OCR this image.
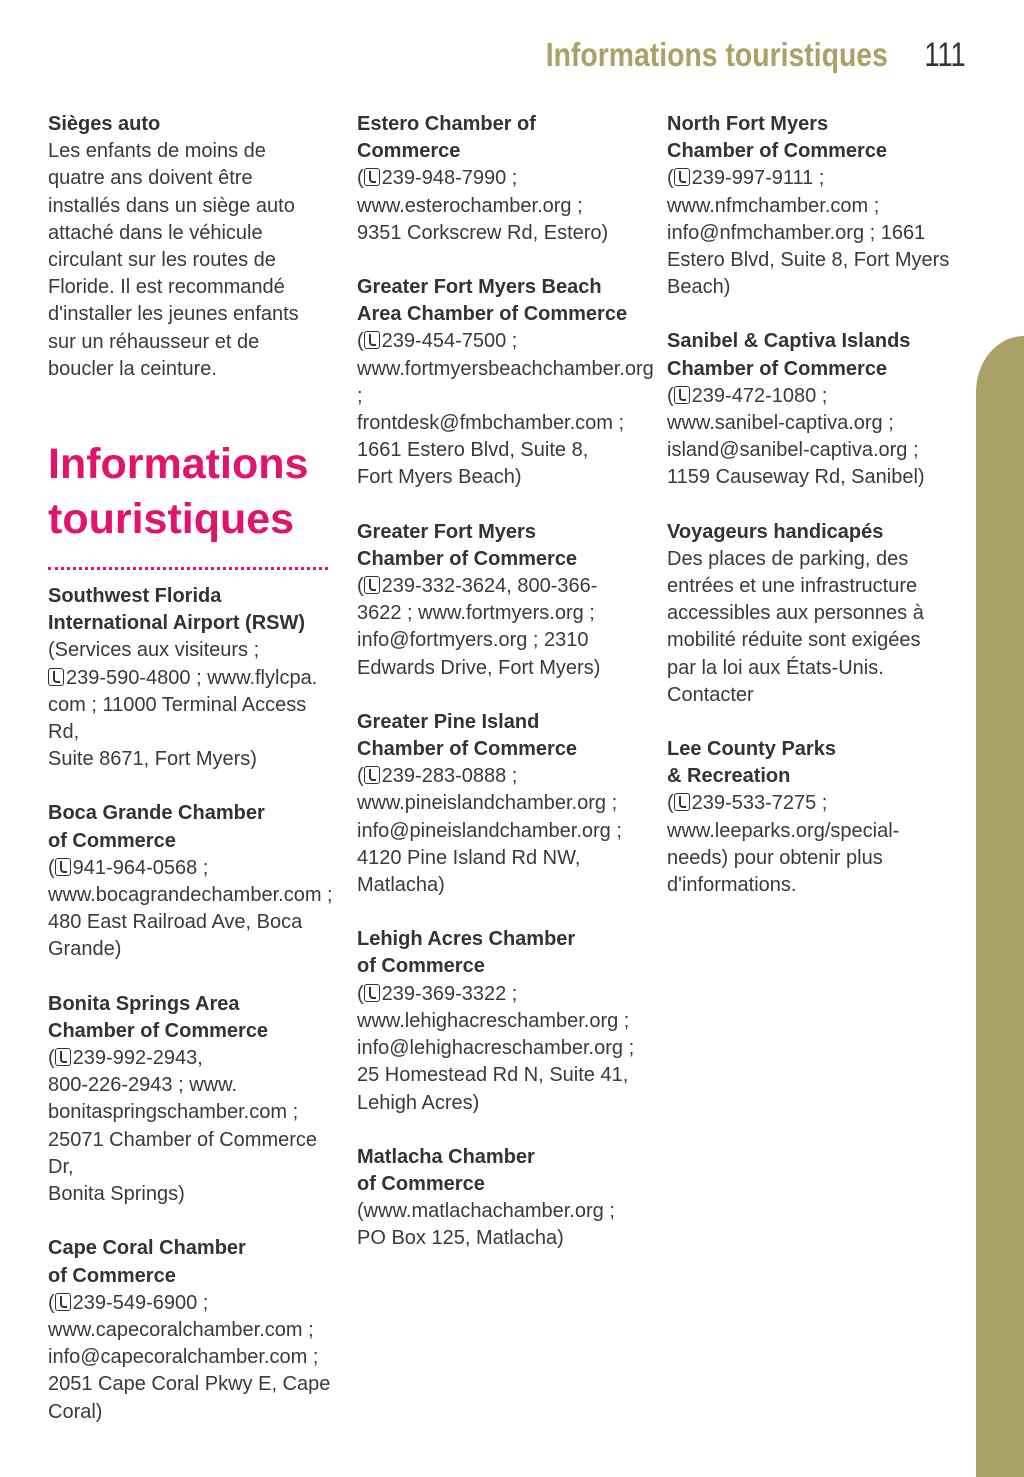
Informations touristiques 111
Sièges auto
Les enfants de moins de
quatre ans doivent être
installés dans un siège auto
attaché dans le véhicule
circulant sur les routes de
Floride. Il est recommandé
d'installer les jeunes enfants
sur un réhausseur et de
boucler la ceinture.
Informations
touristiques
Southwest Florida
International Airport (RSW)
(Services aux visiteurs ;
239-590-4800 ; www.flylcpa.
com ; 11000 Terminal Access Rd,
Suite 8671, Fort Myers)
Boca Grande Chamber
of Commerce
( 941-964-0568 ;
www.bocagrandechamber.com ;
480 East Railroad Ave, Boca
Grande)
Bonita Springs Area
Chamber of Commerce
( 239-992-2943,
800-226-2943 ; www.
bonitaspringschamber.com ;
25071 Chamber of Commerce Dr,
Bonita Springs)
Cape Coral Chamber
of Commerce
( 239-549-6900 ;
www.capecoralchamber.com ;
info@capecoralchamber.com ;
2051 Cape Coral Pkwy E, Cape
Coral)
Estero Chamber of
Commerce
( 239-948-7990 ;
www.esterochamber.org ;
9351 Corkscrew Rd, Estero)
Greater Fort Myers Beach
Area Chamber of Commerce
( 239-454-7500 ;
www.fortmyersbeachchamber.org ;
frontdesk@fmbchamber.com ;
1661 Estero Blvd, Suite 8,
Fort Myers Beach)
Greater Fort Myers
Chamber of Commerce
( 239-332-3624, 800-366-
3622 ; www.fortmyers.org ;
info@fortmyers.org ; 2310
Edwards Drive, Fort Myers)
Greater Pine Island
Chamber of Commerce
( 239-283-0888 ;
www.pineislandchamber.org ;
info@pineislandchamber.org ;
4120 Pine Island Rd NW,
Matlacha)
Lehigh Acres Chamber
of Commerce
( 239-369-3322 ;
www.lehighacreschamber.org ;
info@lehighacreschamber.org ;
25 Homestead Rd N, Suite 41,
Lehigh Acres)
Matlacha Chamber
of Commerce
(www.matlachachamber.org ;
PO Box 125, Matlacha)
North Fort Myers
Chamber of Commerce
( 239-997-9111 ;
www.nfmchamber.com ;
info@nfmchamber.org ; 1661
Estero Blvd, Suite 8, Fort Myers
Beach)
Sanibel & Captiva Islands
Chamber of Commerce
( 239-472-1080 ;
www.sanibel-captiva.org ;
island@sanibel-captiva.org ;
1159 Causeway Rd, Sanibel)
Voyageurs handicapés
Des places de parking, des
entrées et une infrastructure
accessibles aux personnes à
mobilité réduite sont exigées
par la loi aux États-Unis.
Contacter
Lee County Parks
& Recreation
( 239-533-7275 ;
www.leeparks.org/special-
needs) pour obtenir plus
d'informations.
